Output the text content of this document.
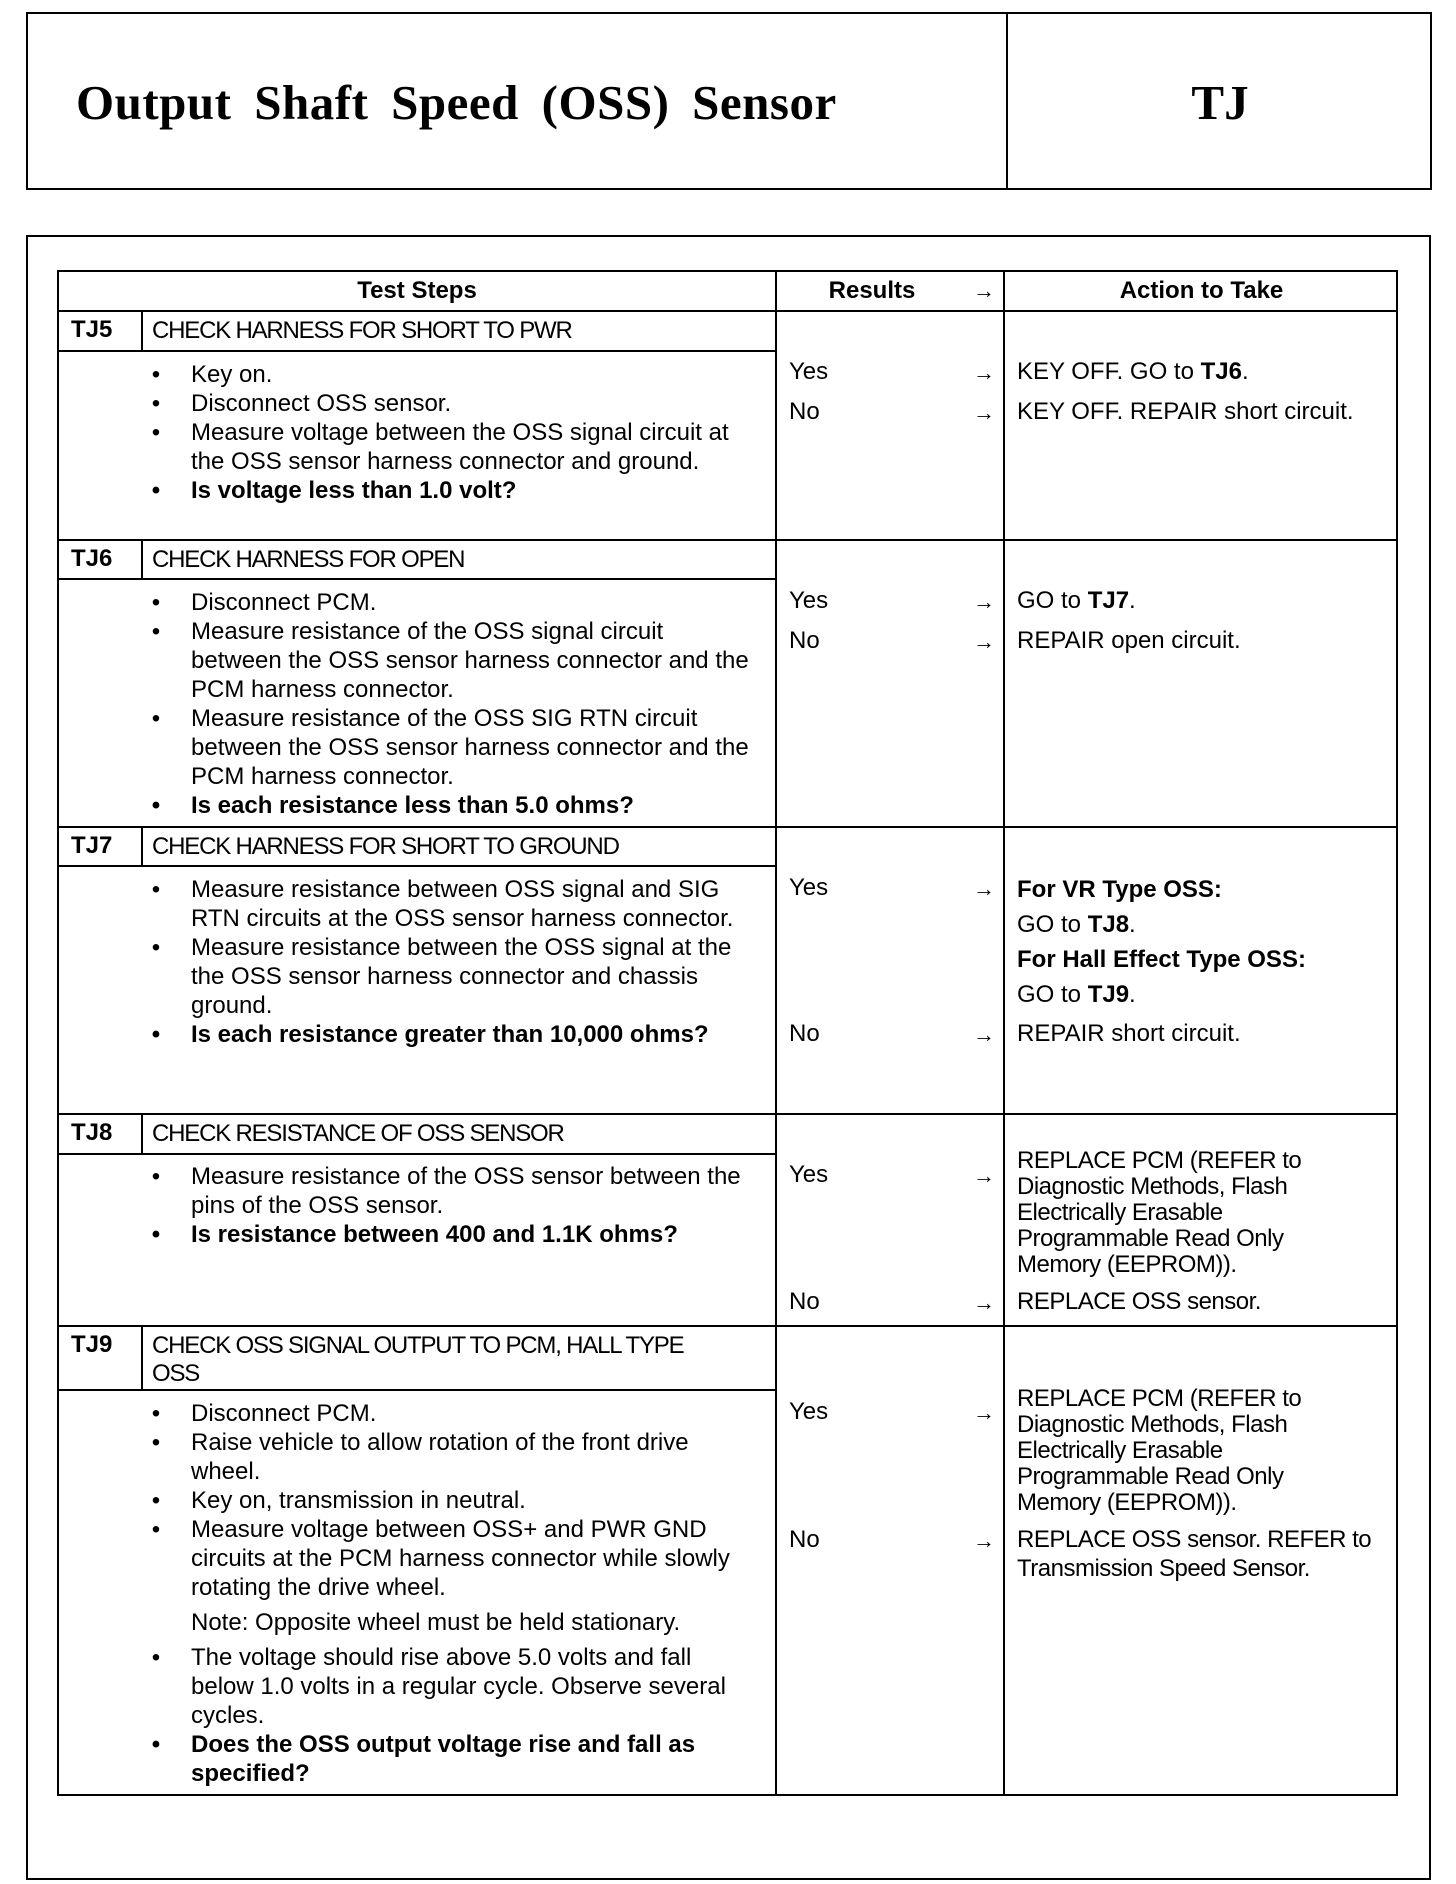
Output Shaft Speed (OSS) Sensor	TJ
Test Steps	Results	→	Action to Take
TJ5 CHECK HARNESS FOR SHORT TO PWR
• Key on.
• Disconnect OSS sensor.
• Measure voltage between the OSS signal circuit at the OSS sensor harness connector and ground.
• Is voltage less than 1.0 volt?
Yes	→ KEY OFF. GO to TJ6.
No	→ KEY OFF. REPAIR short circuit.
TJ6 CHECK HARNESS FOR OPEN
• Disconnect PCM.
• Measure resistance of the OSS signal circuit between the OSS sensor harness connector and the PCM harness connector.
• Measure resistance of the OSS SIG RTN circuit between the OSS sensor harness connector and the PCM harness connector.
• Is each resistance less than 5.0 ohms?
Yes	→ GO to TJ7.
No	→ REPAIR open circuit.
TJ7 CHECK HARNESS FOR SHORT TO GROUND
• Measure resistance between OSS signal and SIG RTN circuits at the OSS sensor harness connector.
• Measure resistance between the OSS signal at the the OSS sensor harness connector and chassis ground.
• Is each resistance greater than 10,000 ohms?
Yes	→ For VR Type OSS:
GO to TJ8.
For Hall Effect Type OSS:
GO to TJ9.
No	→ REPAIR short circuit.
TJ8 CHECK RESISTANCE OF OSS SENSOR
• Measure resistance of the OSS sensor between the pins of the OSS sensor.
• Is resistance between 400 and 1.1K ohms?
Yes	→
REPLACE PCM (REFER to Diagnostic Methods, Flash Electrically Erasable Programmable Read Only Memory (EEPROM)).
No	→ REPLACE OSS sensor.
TJ9 CHECK OSS SIGNAL OUTPUT TO PCM, HALL TYPE OSS
• Disconnect PCM.
• Raise vehicle to allow rotation of the front drive wheel.
• Key on, transmission in neutral.
• Measure voltage between OSS+ and PWR GND circuits at the PCM harness connector while slowly rotating the drive wheel.
Note: Opposite wheel must be held stationary.
• The voltage should rise above 5.0 volts and fall below 1.0 volts in a regular cycle. Observe several cycles.
• Does the OSS output voltage rise and fall as specified?
Yes	→
REPLACE PCM (REFER to Diagnostic Methods, Flash Electrically Erasable Programmable Read Only Memory (EEPROM)).
No	→ REPLACE OSS sensor. REFER to Transmission Speed Sensor.
